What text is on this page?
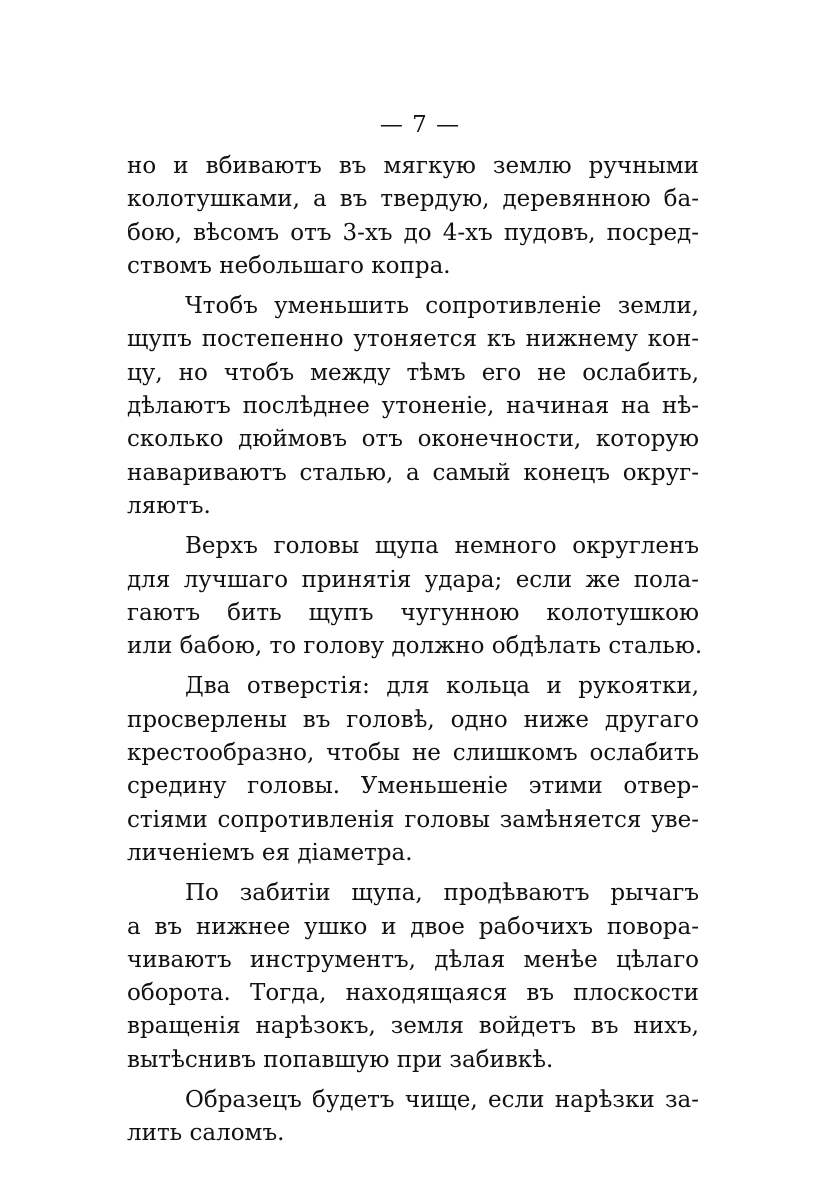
— 7 —
но и вбиваютъ въ мягкую землю ручными
колотушками, а въ твердую, деревянною ба-
бою, вѣсомъ отъ 3-хъ до 4-хъ пудовъ, посред-
ствомъ небольшаго копра.
Чтобъ уменьшить сопротивленіе земли,
щупъ постепенно утоняется къ нижнему кон-
цу, но чтобъ между тѣмъ его не ослабить,
дѣлаютъ послѣднее утоненіе, начиная на нѣ-
сколько дюймовъ отъ оконечности, которую
навариваютъ сталью, а самый конецъ округ-
ляютъ.
Верхъ головы щупа немного округленъ
для лучшаго принятія удара; если же пола-
гаютъ бить щупъ чугунною колотушкою
или бабою, то голову должно обдѣлать сталью.
Два отверстія: для кольца и рукоятки,
просверлены въ головѣ, одно ниже другаго
крестообразно, чтобы не слишкомъ ослабить
средину головы. Уменьшеніе этими отвер-
стіями сопротивленія головы замѣняется уве-
личеніемъ ея діаметра.
По забитіи щупа, продѣваютъ рычагъ
a въ нижнее ушко и двое рабочихъ повора-
чиваютъ инструментъ, дѣлая менѣе цѣлаго
оборота. Тогда, находящаяся въ плоскости
вращенія нарѣзокъ, земля войдетъ въ нихъ,
вытѣснивъ попавшую при забивкѣ.
Образецъ будетъ чище, если нарѣзки за-
лить саломъ.
